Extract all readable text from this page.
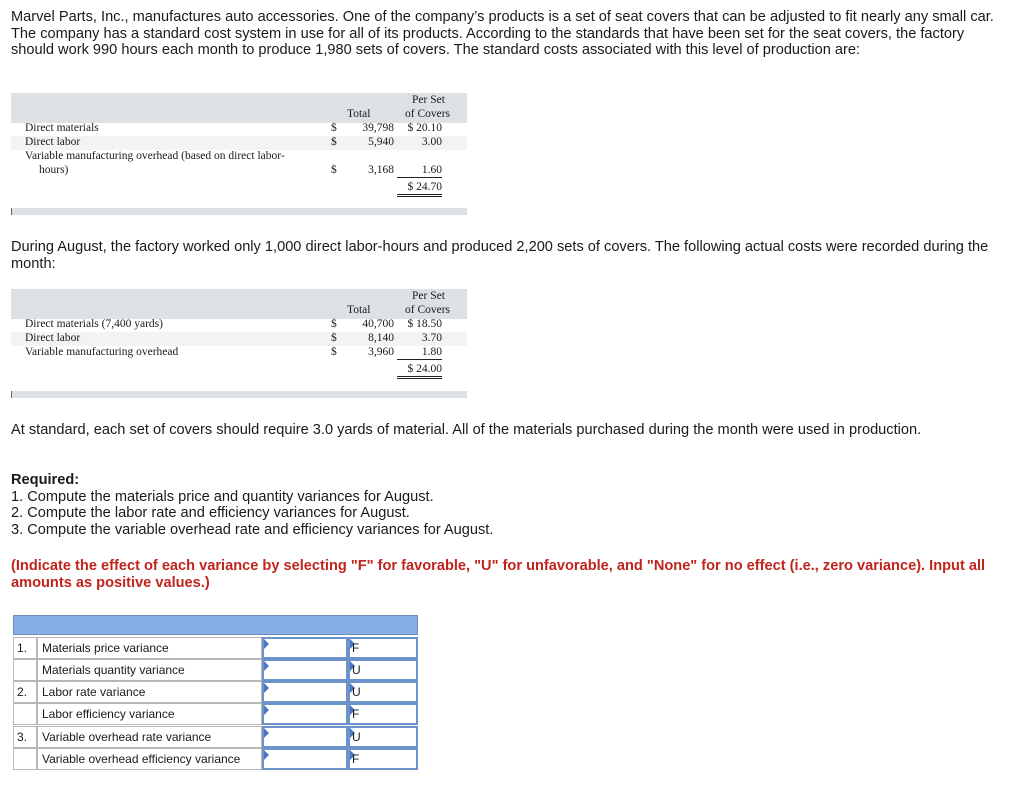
Marvel Parts, Inc., manufactures auto accessories. One of the company’s products is a set of seat covers that can be adjusted to fit nearly any small car. The company has a standard cost system in use for all of its products. According to the standards that have been set for the seat covers, the factory should work 990 hours each month to produce 1,980 sets of covers. The standard costs associated with this level of production are:

Total
Per Set
of Covers
Direct materials	$	39,798	$ 20.10
Direct labor	$	5,940	3.00
Variable manufacturing overhead (based on direct labor-
hours)	$	3,168	1.60
$ 24.70

During August, the factory worked only 1,000 direct labor-hours and produced 2,200 sets of covers. The following actual costs were recorded during the month:

Total
Per Set
of Covers
Direct materials (7,400 yards)	$	40,700	$ 18.50
Direct labor	$	8,140	3.70
Variable manufacturing overhead	$	3,960	1.80
$ 24.00

At standard, each set of covers should require 3.0 yards of material. All of the materials purchased during the month were used in production.

Required:
1. Compute the materials price and quantity variances for August.
2. Compute the labor rate and efficiency variances for August.
3. Compute the variable overhead rate and efficiency variances for August.
(Indicate the effect of each variance by selecting "F" for favorable, "U" for unfavorable, and "None" for no effect (i.e., zero variance). Input all amounts as positive values.)
1.	Materials price variance	F
Materials quantity variance	U
2.	Labor rate variance	U
Labor efficiency variance	F
3.	Variable overhead rate variance	U
Variable overhead efficiency variance	F
